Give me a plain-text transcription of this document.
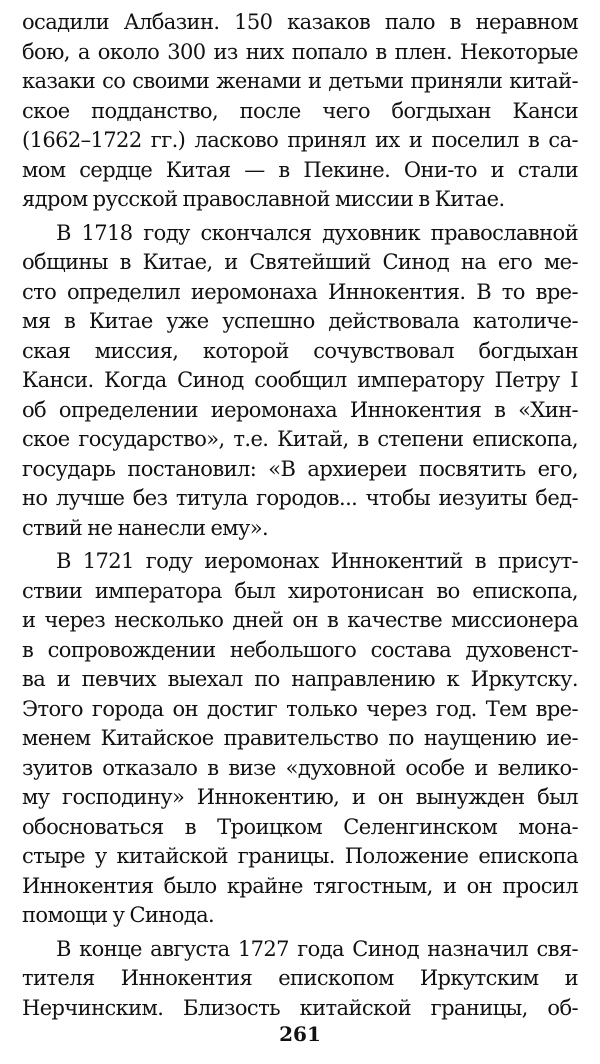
осадили Албазин. 150 казаков пало в неравном
бою, а около 300 из них попало в плен. Некоторые
казаки со своими женами и детьми приняли китай-
ское подданство, после чего богдыхан Канси
(1662–1722 гг.) ласково принял их и поселил в са-
мом сердце Китая — в Пекине. Они-то и стали
ядром русской православной миссии в Китае.
В 1718 году скончался духовник православной
общины в Китае, и Святейший Синод на его ме-
сто определил иеромонаха Иннокентия. В то вре-
мя в Китае уже успешно действовала католиче-
ская миссия, которой сочувствовал богдыхан
Канси. Когда Синод сообщил императору Петру I
об определении иеромонаха Иннокентия в «Хин-
ское государство», т.е. Китай, в степени епископа,
государь постановил: «В архиереи посвятить его,
но лучше без титула городов... чтобы иезуиты бед-
ствий не нанесли ему».
В 1721 году иеромонах Иннокентий в присут-
ствии императора был хиротонисан во епископа,
и через несколько дней он в качестве миссионера
в сопровождении небольшого состава духовенст-
ва и певчих выехал по направлению к Иркутску.
Этого города он достиг только через год. Тем вре-
менем Китайское правительство по наущению ие-
зуитов отказало в визе «духовной особе и велико-
му господину» Иннокентию, и он вынужден был
обосноваться в Троицком Селенгинском мона-
стыре у китайской границы. Положение епископа
Иннокентия было крайне тягостным, и он просил
помощи у Синода.
В конце августа 1727 года Синод назначил свя-
тителя Иннокентия епископом Иркутским и
Нерчинским. Близость китайской границы, об-
261
